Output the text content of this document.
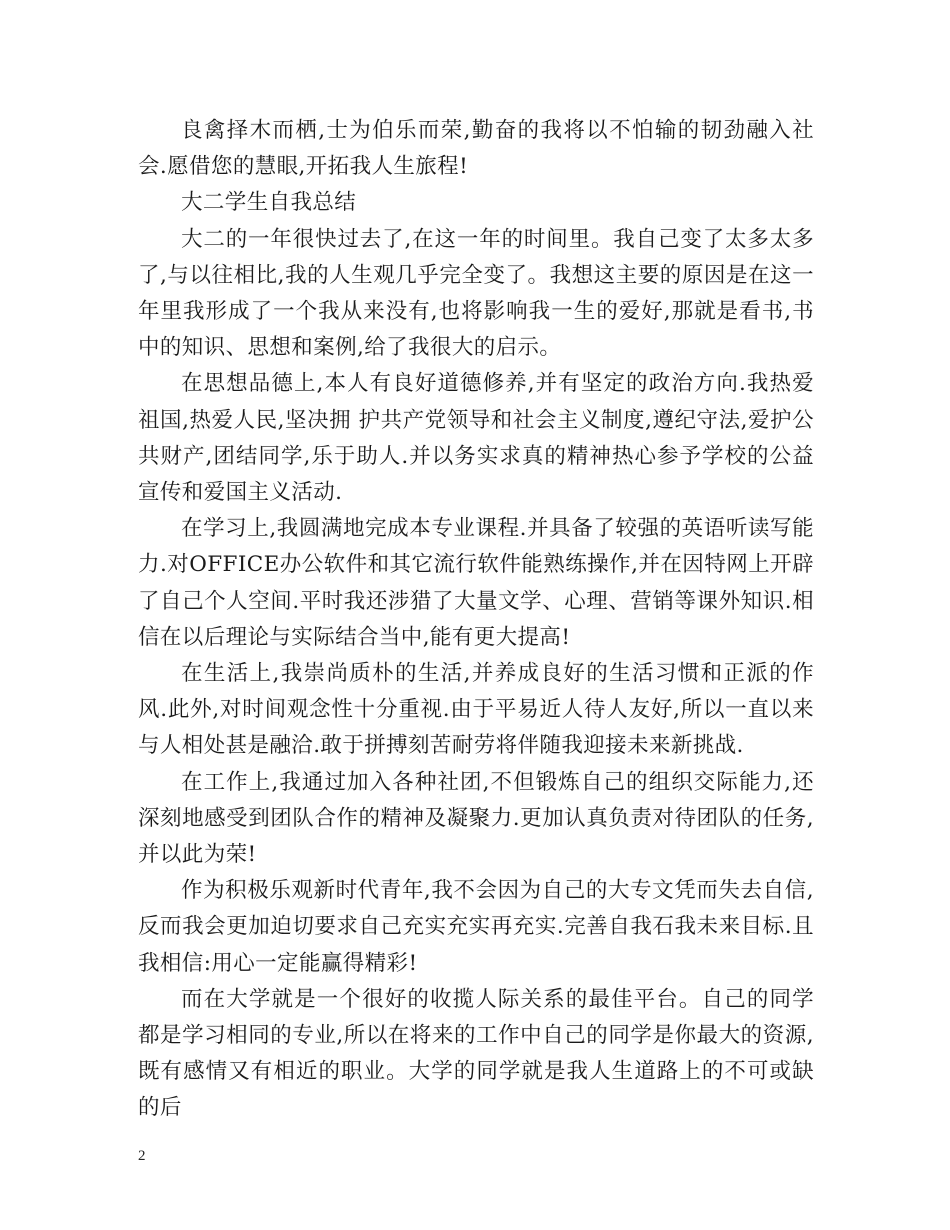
良禽择木而栖,士为伯乐而荣,勤奋的我将以不怕输的韧劲融入社会.愿借您的慧眼,开拓我人生旅程!

大二学生自我总结

大二的一年很快过去了,在这一年的时间里。我自己变了太多太多了,与以往相比,我的人生观几乎完全变了。我想这主要的原因是在这一年里我形成了一个我从来没有,也将影响我一生的爱好,那就是看书,书中的知识、思想和案例,给了我很大的启示。

在思想品德上,本人有良好道德修养,并有坚定的政治方向.我热爱祖国,热爱人民,坚决拥 护共产党领导和社会主义制度,遵纪守法,爱护公共财产,团结同学,乐于助人.并以务实求真的精神热心参予学校的公益宣传和爱国主义活动.

在学习上,我圆满地完成本专业课程.并具备了较强的英语听读写能力.对OFFICE办公软件和其它流行软件能熟练操作,并在因特网上开辟了自己个人空间.平时我还涉猎了大量文学、心理、营销等课外知识.相信在以后理论与实际结合当中,能有更大提高!

在生活上,我崇尚质朴的生活,并养成良好的生活习惯和正派的作风.此外,对时间观念性十分重视.由于平易近人待人友好,所以一直以来与人相处甚是融洽.敢于拼搏刻苦耐劳将伴随我迎接未来新挑战.

在工作上,我通过加入各种社团,不但锻炼自己的组织交际能力,还深刻地感受到团队合作的精神及凝聚力.更加认真负责对待团队的任务,并以此为荣!

作为积极乐观新时代青年,我不会因为自己的大专文凭而失去自信,反而我会更加迫切要求自己充实充实再充实.完善自我石我未来目标.且我相信:用心一定能赢得精彩!

而在大学就是一个很好的收揽人际关系的最佳平台。自己的同学都是学习相同的专业,所以在将来的工作中自己的同学是你最大的资源,既有感情又有相近的职业。大学的同学就是我人生道路上的不可或缺的后

2
